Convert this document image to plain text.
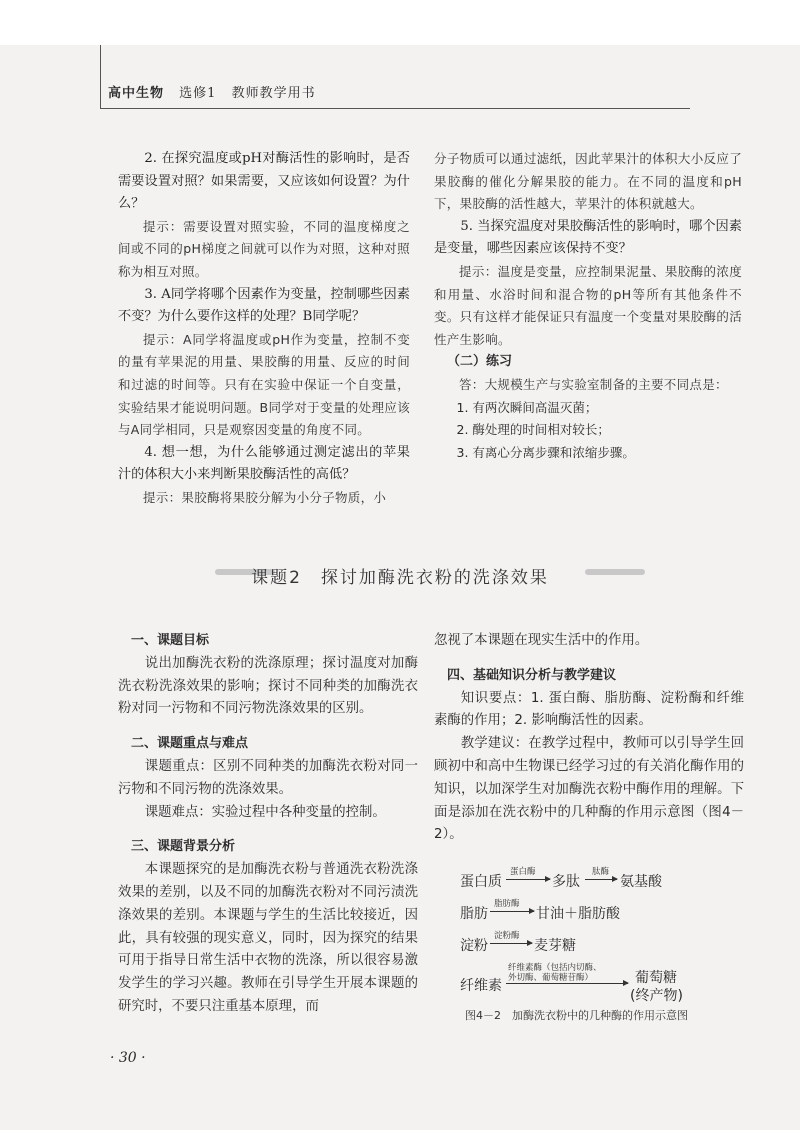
高中生物 选修1 教师教学用书

2. 在探究温度或pH对酶活性的影响时，是否需要设置对照？如果需要，又应该如何设置？为什么？

提示：需要设置对照实验，不同的温度梯度之间或不同的pH梯度之间就可以作为对照，这种对照称为相互对照。

3. A同学将哪个因素作为变量，控制哪些因素不变？为什么要作这样的处理？B同学呢？

提示：A同学将温度或pH作为变量，控制不变的量有苹果泥的用量、果胶酶的用量、反应的时间和过滤的时间等。只有在实验中保证一个自变量，实验结果才能说明问题。B同学对于变量的处理应该与A同学相同，只是观察因变量的角度不同。

4. 想一想，为什么能够通过测定滤出的苹果汁的体积大小来判断果胶酶活性的高低？

提示：果胶酶将果胶分解为小分子物质，小

分子物质可以通过滤纸，因此苹果汁的体积大小反应了果胶酶的催化分解果胶的能力。在不同的温度和pH下，果胶酶的活性越大，苹果汁的体积就越大。

5. 当探究温度对果胶酶活性的影响时，哪个因素是变量，哪些因素应该保持不变？

提示：温度是变量，应控制果泥量、果胶酶的浓度和用量、水浴时间和混合物的pH等所有其他条件不变。只有这样才能保证只有温度一个变量对果胶酶的活性产生影响。

（二）练习

答：大规模生产与实验室制备的主要不同点是：

1. 有两次瞬间高温灭菌；

2. 酶处理的时间相对较长；

3. 有离心分离步骤和浓缩步骤。

课题2　探讨加酶洗衣粉的洗涤效果

一、课题目标

说出加酶洗衣粉的洗涤原理；探讨温度对加酶洗衣粉洗涤效果的影响；探讨不同种类的加酶洗衣粉对同一污物和不同污物洗涤效果的区别。

二、课题重点与难点

课题重点：区别不同种类的加酶洗衣粉对同一污物和不同污物的洗涤效果。

课题难点：实验过程中各种变量的控制。

三、课题背景分析

本课题探究的是加酶洗衣粉与普通洗衣粉洗涤效果的差别，以及不同的加酶洗衣粉对不同污渍洗涤效果的差别。本课题与学生的生活比较接近，因此，具有较强的现实意义，同时，因为探究的结果可用于指导日常生活中衣物的洗涤，所以很容易激发学生的学习兴趣。教师在引导学生开展本课题的研究时，不要只注重基本原理，而

忽视了本课题在现实生活中的作用。

四、基础知识分析与教学建议

知识要点：1. 蛋白酶、脂肪酶、淀粉酶和纤维素酶的作用；2. 影响酶活性的因素。

教学建议：在教学过程中，教师可以引导学生回顾初中和高中生物课已经学习过的有关消化酶作用的知识，以加深学生对加酶洗衣粉中酶作用的理解。下面是添加在洗衣粉中的几种酶的作用示意图（图4－2）。

蛋白质
蛋白酶
多肽
肽酶
氨基酸
脂肪
脂肪酶
甘油＋脂肪酸
淀粉
淀粉酶
麦芽糖
纤维素
纤维素酶（包括内切酶、
外切酶、葡萄糖苷酶）	葡萄糖
(终产物)
图4－2　加酶洗衣粉中的几种酶的作用示意图
· 30 ·
